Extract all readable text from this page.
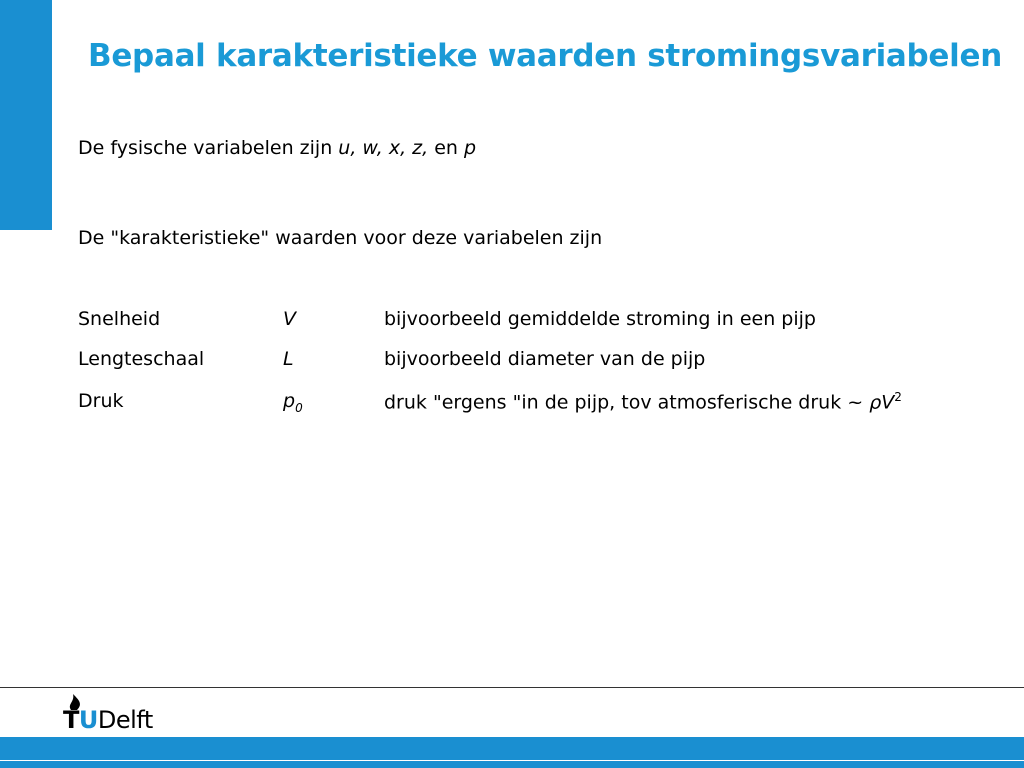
Bepaal karakteristieke waarden stromingsvariabelen
De fysische variabelen zijn u, w, x, z, en p
De "karakteristieke" waarden voor deze variabelen zijn
Snelheid	V	bijvoorbeeld gemiddelde stroming in een pijp
Lengteschaal	L	bijvoorbeeld diameter van de pijp
Druk	$p_0$	druk "ergens "in de pijp, tov atmosferische druk ~ $\rho V^2$
TUDelft
